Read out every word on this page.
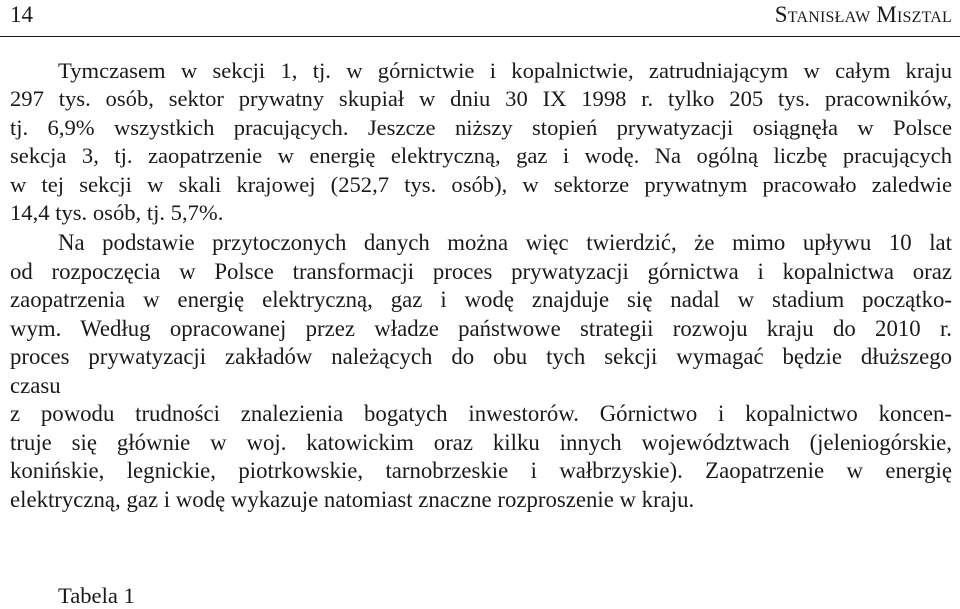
14	Stanisław Misztal
Tymczasem w sekcji 1, tj. w górnictwie i kopalnictwie, zatrudniającym w całym kraju
297 tys. osób, sektor prywatny skupiał w dniu 30 IX 1998 r. tylko 205 tys. pracowników,
tj. 6,9% wszystkich pracujących. Jeszcze niższy stopień prywatyzacji osiągnęła w Polsce
sekcja 3, tj. zaopatrzenie w energię elektryczną, gaz i wodę. Na ogólną liczbę pracujących
w tej sekcji w skali krajowej (252,7 tys. osób), w sektorze prywatnym pracowało zaledwie
14,4 tys. osób, tj. 5,7%.
Na podstawie przytoczonych danych można więc twierdzić, że mimo upływu 10 lat
od rozpoczęcia w Polsce transformacji proces prywatyzacji górnictwa i kopalnictwa oraz
zaopatrzenia w energię elektryczną, gaz i wodę znajduje się nadal w stadium początko-
wym. Według opracowanej przez władze państwowe strategii rozwoju kraju do 2010 r.
proces prywatyzacji zakładów należących do obu tych sekcji wymagać będzie dłuższego
czasu
z powodu trudności znalezienia bogatych inwestorów. Górnictwo i kopalnictwo koncen-
truje się głównie w woj. katowickim oraz kilku innych województwach (jeleniogórskie,
konińskie, legnickie, piotrkowskie, tarnobrzeskie i wałbrzyskie). Zaopatrzenie w energię
elektryczną, gaz i wodę wykazuje natomiast znaczne rozproszenie w kraju.
Tabela 1
